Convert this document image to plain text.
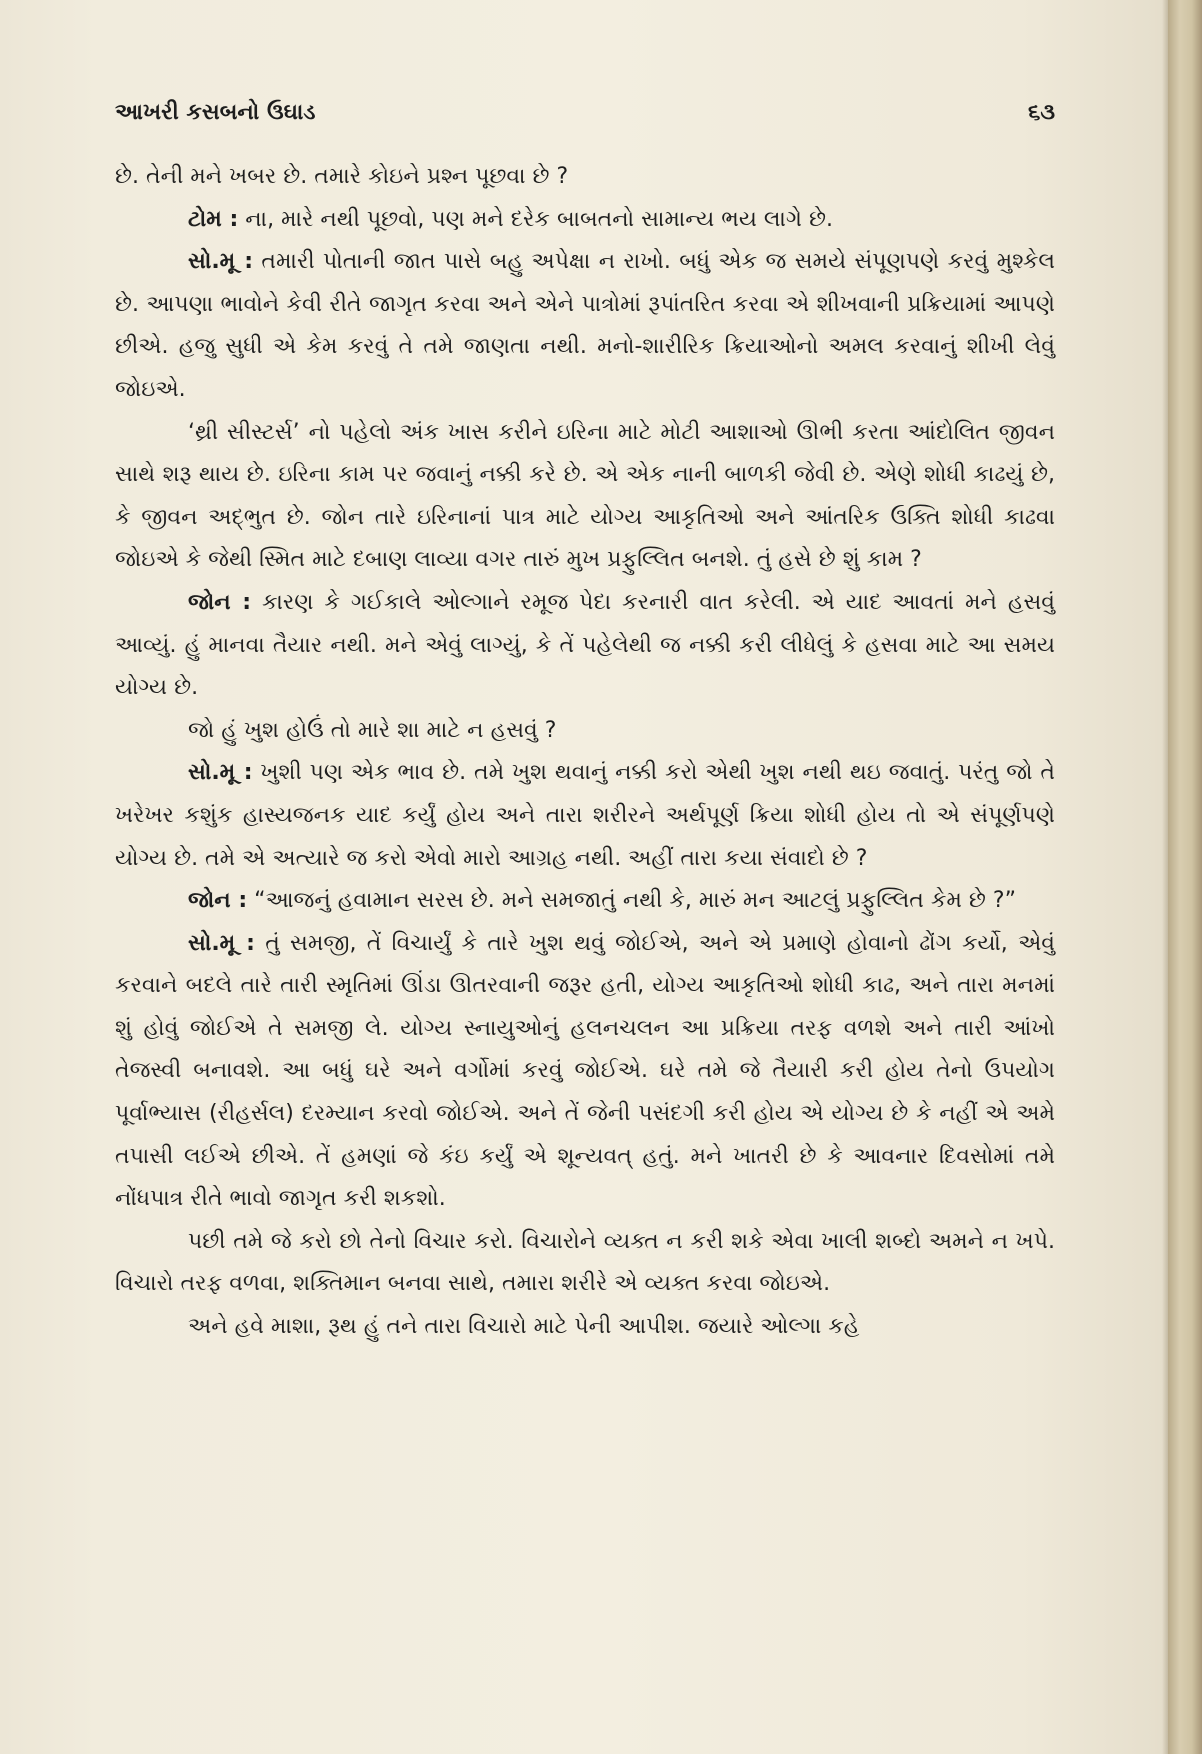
આખરી કસબનો ઉઘાડ	૬૩

છે. તેની મને ખબર છે. તમારે કોઇને પ્રશ્ન પૂછવા છે ?

ટોમ : ના, મારે નથી પૂછવો, પણ મને દરેક બાબતનો સામાન્ય ભય લાગે છે.

સો.મૂ : તમારી પોતાની જાત પાસે બહુ અપેક્ષા ન રાખો. બધું એક જ સમયે સંપૂણપણે કરવું મુશ્કેલ છે. આપણા ભાવોને કેવી રીતે જાગૃત કરવા અને એને પાત્રોમાં રૂપાંતરિત કરવા એ શીખવાની પ્રક્રિયામાં આપણે છીએ. હજુ સુધી એ કેમ કરવું તે તમે જાણતા નથી. મનો-શારીરિક ક્રિયાઓનો અમલ કરવાનું શીખી લેવું જોઇએ.

‘થ્રી સીસ્ટર્સ’ નો પહેલો અંક ખાસ કરીને ઇરિના માટે મોટી આશાઓ ઊભી કરતા આંદોલિત જીવન સાથે શરૂ થાય છે. ઇરિના કામ પર જવાનું નક્કી કરે છે. એ એક નાની બાળકી જેવી છે. એણે શોધી કાઢયું છે, કે જીવન અદ્ભુત છે. જોન તારે ઇરિનાનાં પાત્ર માટે યોગ્ય આકૃતિઓ અને આંતરિક ઉક્તિ શોધી કાઢવા જોઇએ કે જેથી સ્મિત માટે દબાણ લાવ્યા વગર તારું મુખ પ્રફુલ્લિત બનશે. તું હસે છે શું કામ ?

જોન : કારણ કે ગઈકાલે ઓલ્ગાને રમૂજ પેદા કરનારી વાત કરેલી. એ યાદ આવતાં મને હસવું આવ્યું. હું માનવા તૈયાર નથી. મને એવું લાગ્યું, કે તેં પહેલેથી જ નક્કી કરી લીધેલું કે હસવા માટે આ સમય યોગ્ય છે.

જો હું ખુશ હોઉં તો મારે શા માટે ન હસવું ?

સો.મૂ : ખુશી પણ એક ભાવ છે. તમે ખુશ થવાનું નક્કી કરો એથી ખુશ નથી થઇ જવાતું. પરંતુ જો તે ખરેખર કશુંક હાસ્યજનક યાદ કર્યું હોય અને તારા શરીરને અર્થપૂર્ણ ક્રિયા શોધી હોય તો એ સંપૂર્ણપણે યોગ્ય છે. તમે એ અત્યારે જ કરો એવો મારો આગ્રહ નથી. અહીં તારા કયા સંવાદો છે ?

જોન : “આજનું હવામાન સરસ છે. મને સમજાતું નથી કે, મારું મન આટલું પ્રફુલ્લિત કેમ છે ?”

સો.મૂ : તું સમજી, તેં વિચાર્યું કે તારે ખુશ થવું જોઈએ, અને એ પ્રમાણે હોવાનો ઢોંગ કર્યો, એવું કરવાને બદલે તારે તારી સ્મૃતિમાં ઊંડા ઊતરવાની જરૂર હતી, યોગ્ય આકૃતિઓ શોધી કાઢ, અને તારા મનમાં શું હોવું જોઈએ તે સમજી લે. યોગ્ય સ્નાયુઓનું હલનચલન આ પ્રક્રિયા તરફ વળશે અને તારી આંખો તેજસ્વી બનાવશે. આ બધું ઘરે અને વર્ગોમાં કરવું જોઈએ. ઘરે તમે જે તૈયારી કરી હોય તેનો ઉપયોગ પૂર્વાભ્યાસ (રીહર્સલ) દરમ્યાન કરવો જોઈએ. અને તેં જેની પસંદગી કરી હોય એ યોગ્ય છે કે નહીં એ અમે તપાસી લઈએ છીએ. તેં હમણાં જે કંઇ કર્યું એ શૂન્યવત્ હતું. મને ખાતરી છે કે આવનાર દિવસોમાં તમે નોંધપાત્ર રીતે ભાવો જાગૃત કરી શકશો.

પછી તમે જે કરો છો તેનો વિચાર કરો. વિચારોને વ્યક્ત ન કરી શકે એવા ખાલી શબ્દો અમને ન ખપે. વિચારો તરફ વળવા, શક્તિમાન બનવા સાથે, તમારા શરીરે એ વ્યક્ત કરવા જોઇએ.

અને હવે માશા, રૂથ હું તને તારા વિચારો માટે પેની આપીશ. જયારે ઓલ્ગા કહે
